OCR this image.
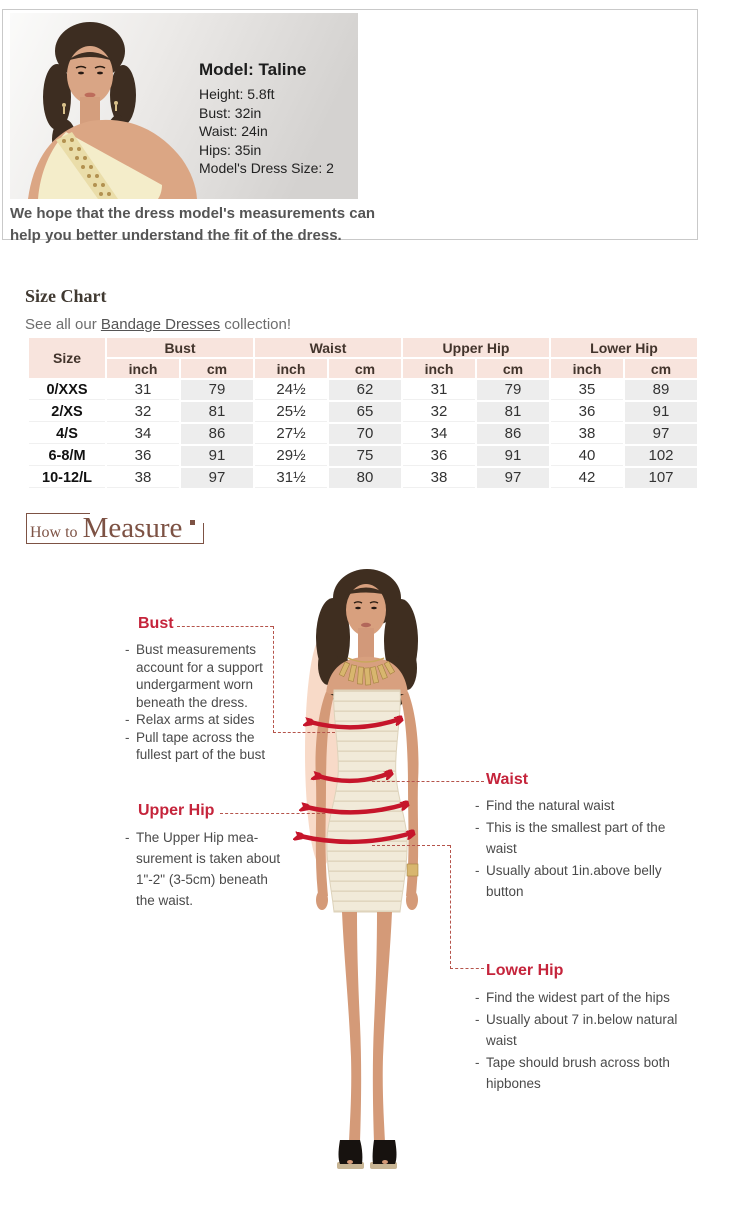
Model: Taline
Height: 5.8ft
Bust: 32in
Waist: 24in
Hips: 35in
Model's Dress Size: 2
We hope that the dress model's measurements can help you better understand the fit of the dress.
Size Chart
See all our Bandage Dresses collection!
Size	Bust		Waist		Upper Hip		Lower Hip	
	inch	cm	inch	cm	inch	cm	inch	cm
0/XXS	31	79	24½	62	31	79	35	89
2/XS	32	81	25½	65	32	81	36	91
4/S	34	86	27½	70	34	86	38	97
6-8/M	36	91	29½	75	36	91	40	102
10-12/L	38	97	31½	80	38	97	42	107
How to Measure
Bust
- Bust measurements account for a support undergarment worn beneath the dress.
- Relax arms at sides
- Pull tape across the fullest part of the bust
Upper Hip
- The Upper Hip mea-surement is taken about 1"-2" (3-5cm) beneath the waist.
Waist
- Find the natural waist
- This is the smallest part of the waist
- Usually about 1in.above belly button
Lower Hip
- Find the widest part of the hips
- Usually about 7 in.below natural waist
- Tape should brush across both hipbones
